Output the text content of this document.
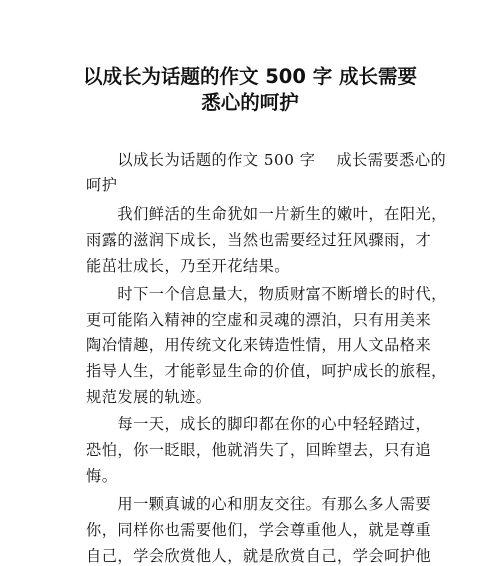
以成长为话题的作文 500 字 成长需要
悉心的呵护
　　以成长为话题的作文 500 字　 成长需要悉心的
呵护
　　我们鲜活的生命犹如一片新生的嫩叶，在阳光，
雨露的滋润下成长，当然也需要经过狂风骤雨，才
能茁壮成长，乃至开花结果。
　　时下一个信息量大，物质财富不断增长的时代，
更可能陷入精神的空虚和灵魂的漂泊，只有用美来
陶冶情趣，用传统文化来铸造性情，用人文品格来
指导人生，才能彰显生命的价值，呵护成长的旅程，
规范发展的轨迹。
　　每一天，成长的脚印都在你的心中轻轻踏过，
恐怕，你一眨眼，他就消失了，回眸望去，只有追
悔。
　　用一颗真诚的心和朋友交往。有那么多人需要
你，同样你也需要他们，学会尊重他人，就是尊重
自己，学会欣赏他人，就是欣赏自己，学会呵护他
